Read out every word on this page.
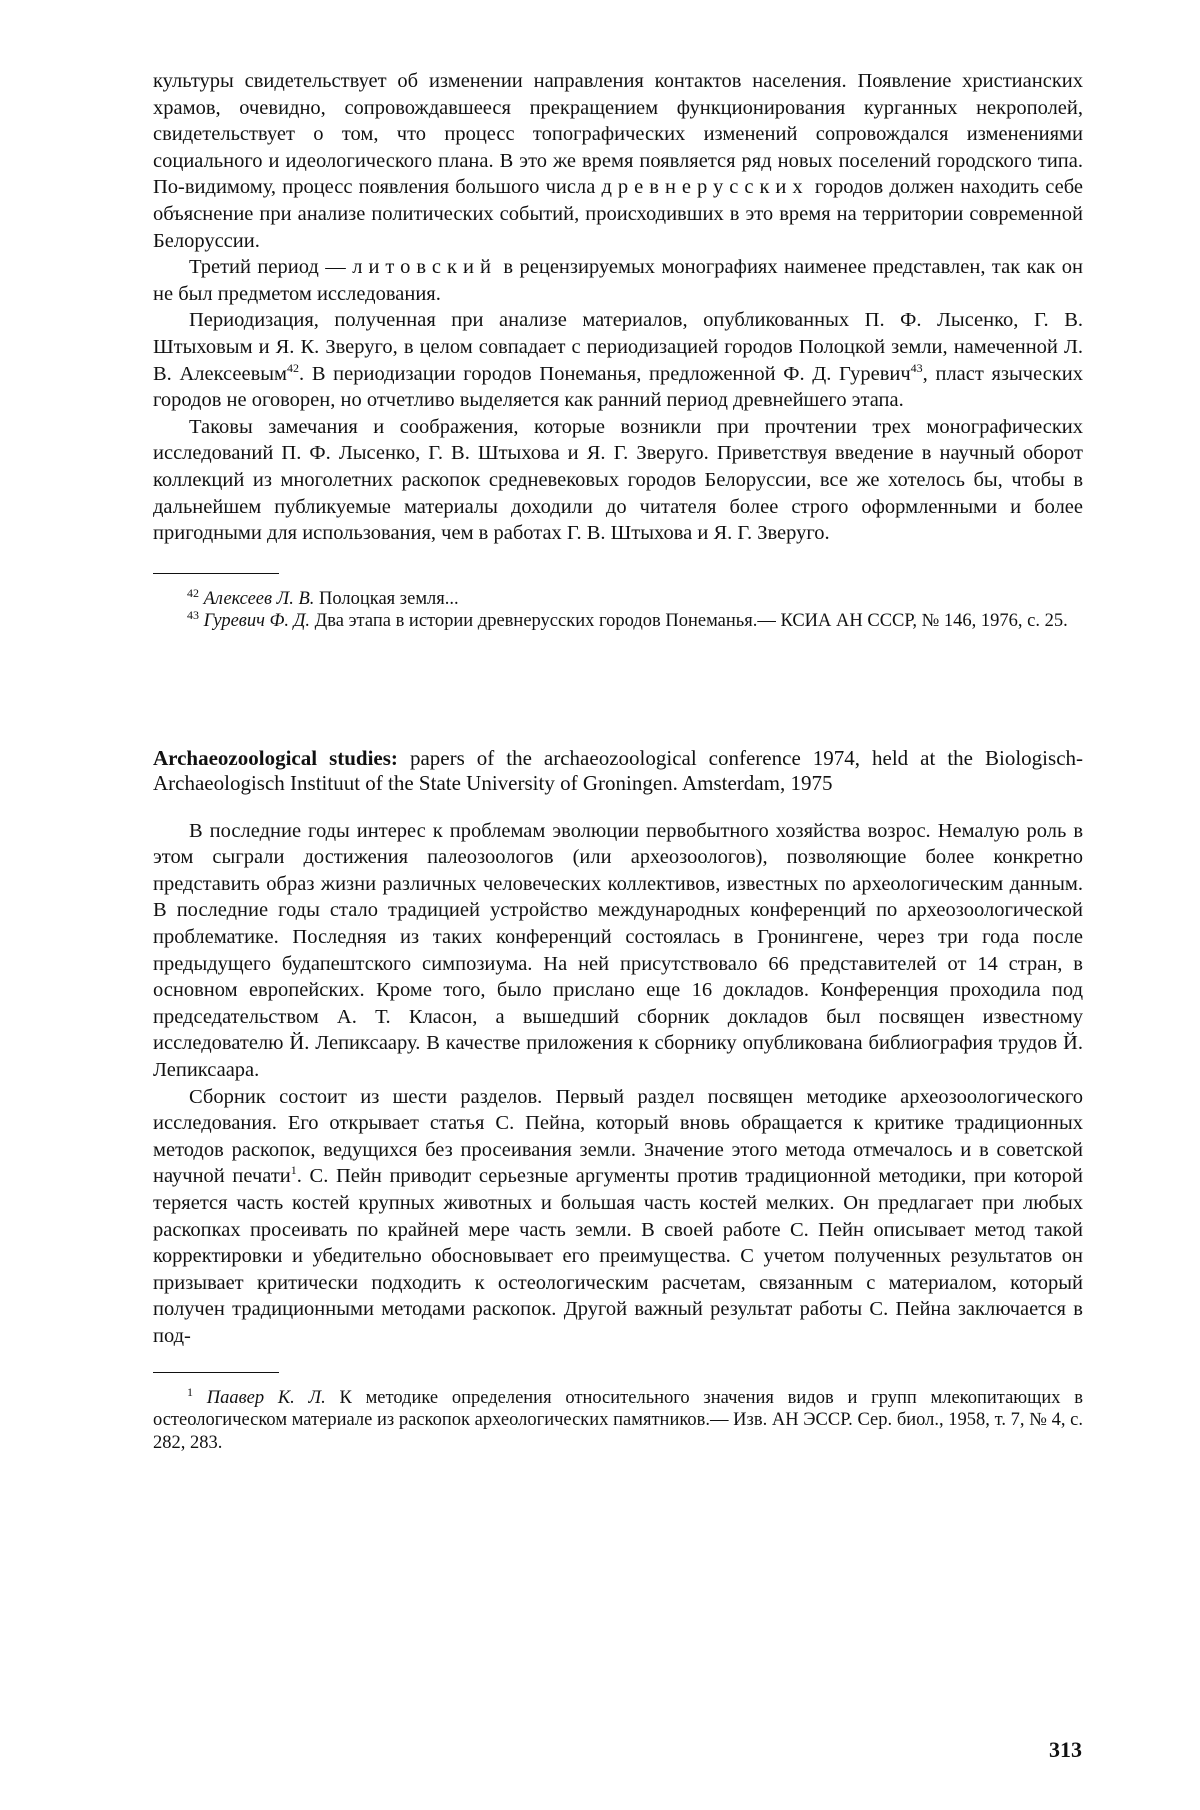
культуры свидетельствует об изменении направления контактов населения. Появление христианских храмов, очевидно, сопровождавшееся прекращением функционирования курганных некрополей, свидетельствует о том, что процесс топографических изменений сопровождался изменениями социального и идеологического плана. В это же время появляется ряд новых поселений городского типа. По-видимому, процесс появления большого числа древнерусских городов должен находить себе объяснение при анализе политических событий, происходивших в это время на территории современной Белоруссии.

Третий период — литовский в рецензируемых монографиях наименее представлен, так как он не был предметом исследования.

Периодизация, полученная при анализе материалов, опубликованных П. Ф. Лысенко, Г. В. Штыховым и Я. К. Зверуго, в целом совпадает с периодизацией городов Полоцкой земли, намеченной Л. В. Алексеевым$^{42}$. В периодизации городов Понеманья, предложенной Ф. Д. Гуревич$^{43}$, пласт языческих городов не оговорен, но отчетливо выделяется как ранний период древнейшего этапа.

Таковы замечания и соображения, которые возникли при прочтении трех монографических исследований П. Ф. Лысенко, Г. В. Штыхова и Я. Г. Зверуго. Приветствуя введение в научный оборот коллекций из многолетних раскопок средневековых городов Белоруссии, все же хотелось бы, чтобы в дальнейшем публикуемые материалы доходили до читателя более строго оформленными и более пригодными для использования, чем в работах Г. В. Штыхова и Я. Г. Зверуго.

$^{42}$ Алексеев Л. В. Полоцкая земля...

$^{43}$ Гуревич Ф. Д. Два этапа в истории древнерусских городов Понеманья.— КСИА АН СССР, № 146, 1976, с. 25.

Archaeozoological studies: papers of the archaeozoological conference 1974, held at the Biologisch-Archaeologisch Instituut of the State University of Groningen. Amsterdam, 1975

В последние годы интерес к проблемам эволюции первобытного хозяйства возрос. Немалую роль в этом сыграли достижения палеозоологов (или археозоологов), позволяющие более конкретно представить образ жизни различных человеческих коллективов, известных по археологическим данным. В последние годы стало традицией устройство международных конференций по археозоологической проблематике. Последняя из таких конференций состоялась в Гронингене, через три года после предыдущего будапештского симпозиума. На ней присутствовало 66 представителей от 14 стран, в основном европейских. Кроме того, было прислано еще 16 докладов. Конференция проходила под председательством А. Т. Класон, а вышедший сборник докладов был посвящен известному исследователю Й. Лепиксаару. В качестве приложения к сборнику опубликована библиография трудов Й. Лепиксаара.

Сборник состоит из шести разделов. Первый раздел посвящен методике археозоологического исследования. Его открывает статья С. Пейна, который вновь обращается к критике традиционных методов раскопок, ведущихся без просеивания земли. Значение этого метода отмечалось и в советской научной печати$^1$. С. Пейн приводит серьезные аргументы против традиционной методики, при которой теряется часть костей крупных животных и большая часть костей мелких. Он предлагает при любых раскопках просеивать по крайней мере часть земли. В своей работе С. Пейн описывает метод такой корректировки и убедительно обосновывает его преимущества. С учетом полученных результатов он призывает критически подходить к остеологическим расчетам, связанным с материалом, который получен традиционными методами раскопок. Другой важный результат работы С. Пейна заключается в под-

$^1$ Паавер К. Л. К методике определения относительного значения видов и групп млекопитающих в остеологическом материале из раскопок археологических памятников.— Изв. АН ЭССР. Сер. биол., 1958, т. 7, № 4, с. 282, 283.

313
